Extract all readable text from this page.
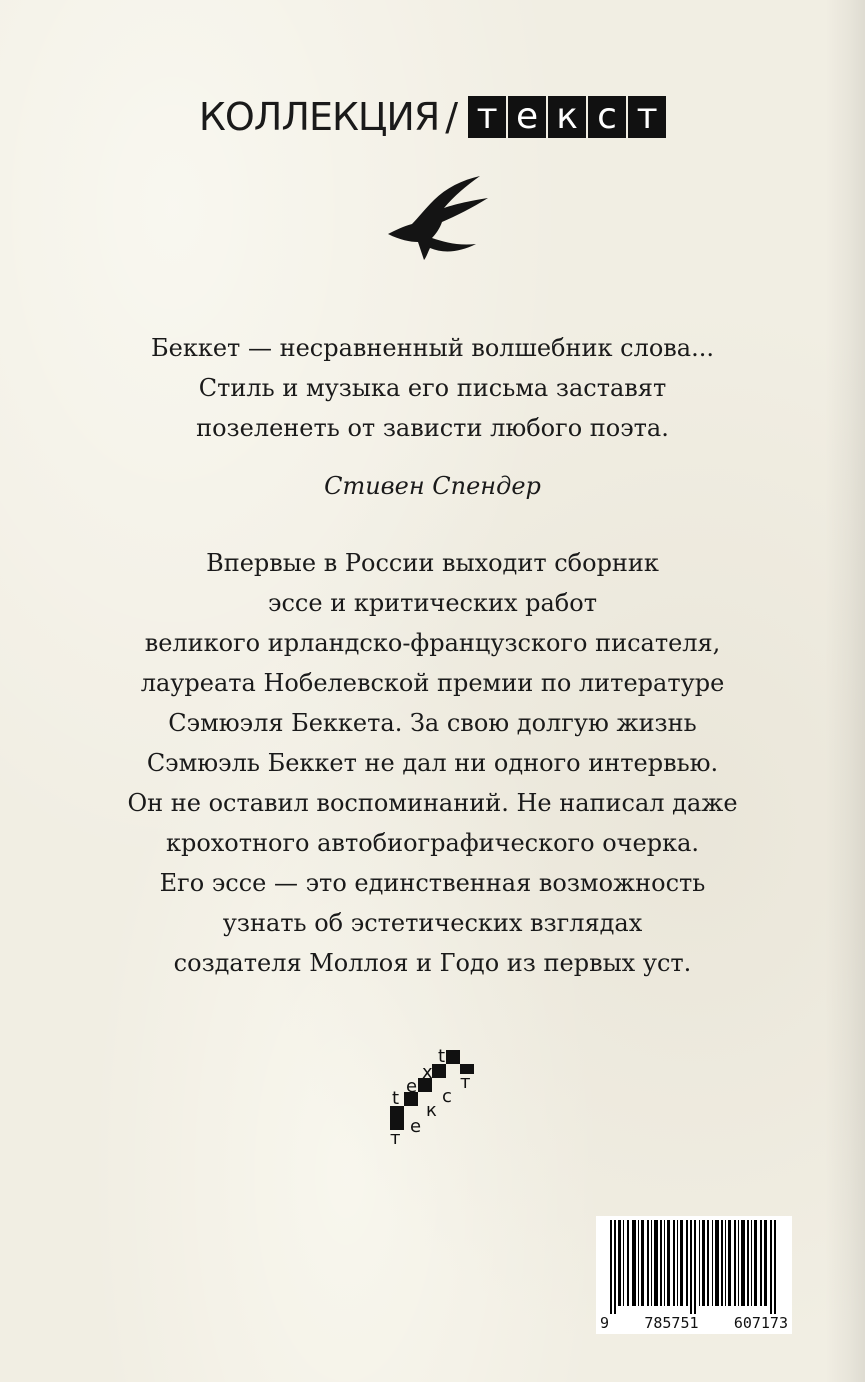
КОЛЛЕКЦИЯ / т е к с т

Беккет — несравненный волшебник слова...

Стиль и музыка его письма заставят

позеленеть от зависти любого поэта.

Стивен Спендер

Впервые в России выходит сборник

эссе и критических работ

великого ирландско-французского писателя,

лауреата Нобелевской премии по литературе

Сэмюэля Беккета. За свою долгую жизнь

Сэмюэль Беккет не дал ни одного интервью.

Он не оставил воспоминаний. Не написал даже

крохотного автобиографического очерка.

Его эссе — это единственная возможность

узнать об эстетических взглядах

создателя Моллоя и Годо из первых уст.

t
e
x
t
т
е
к
с
т
9 785751 607173
